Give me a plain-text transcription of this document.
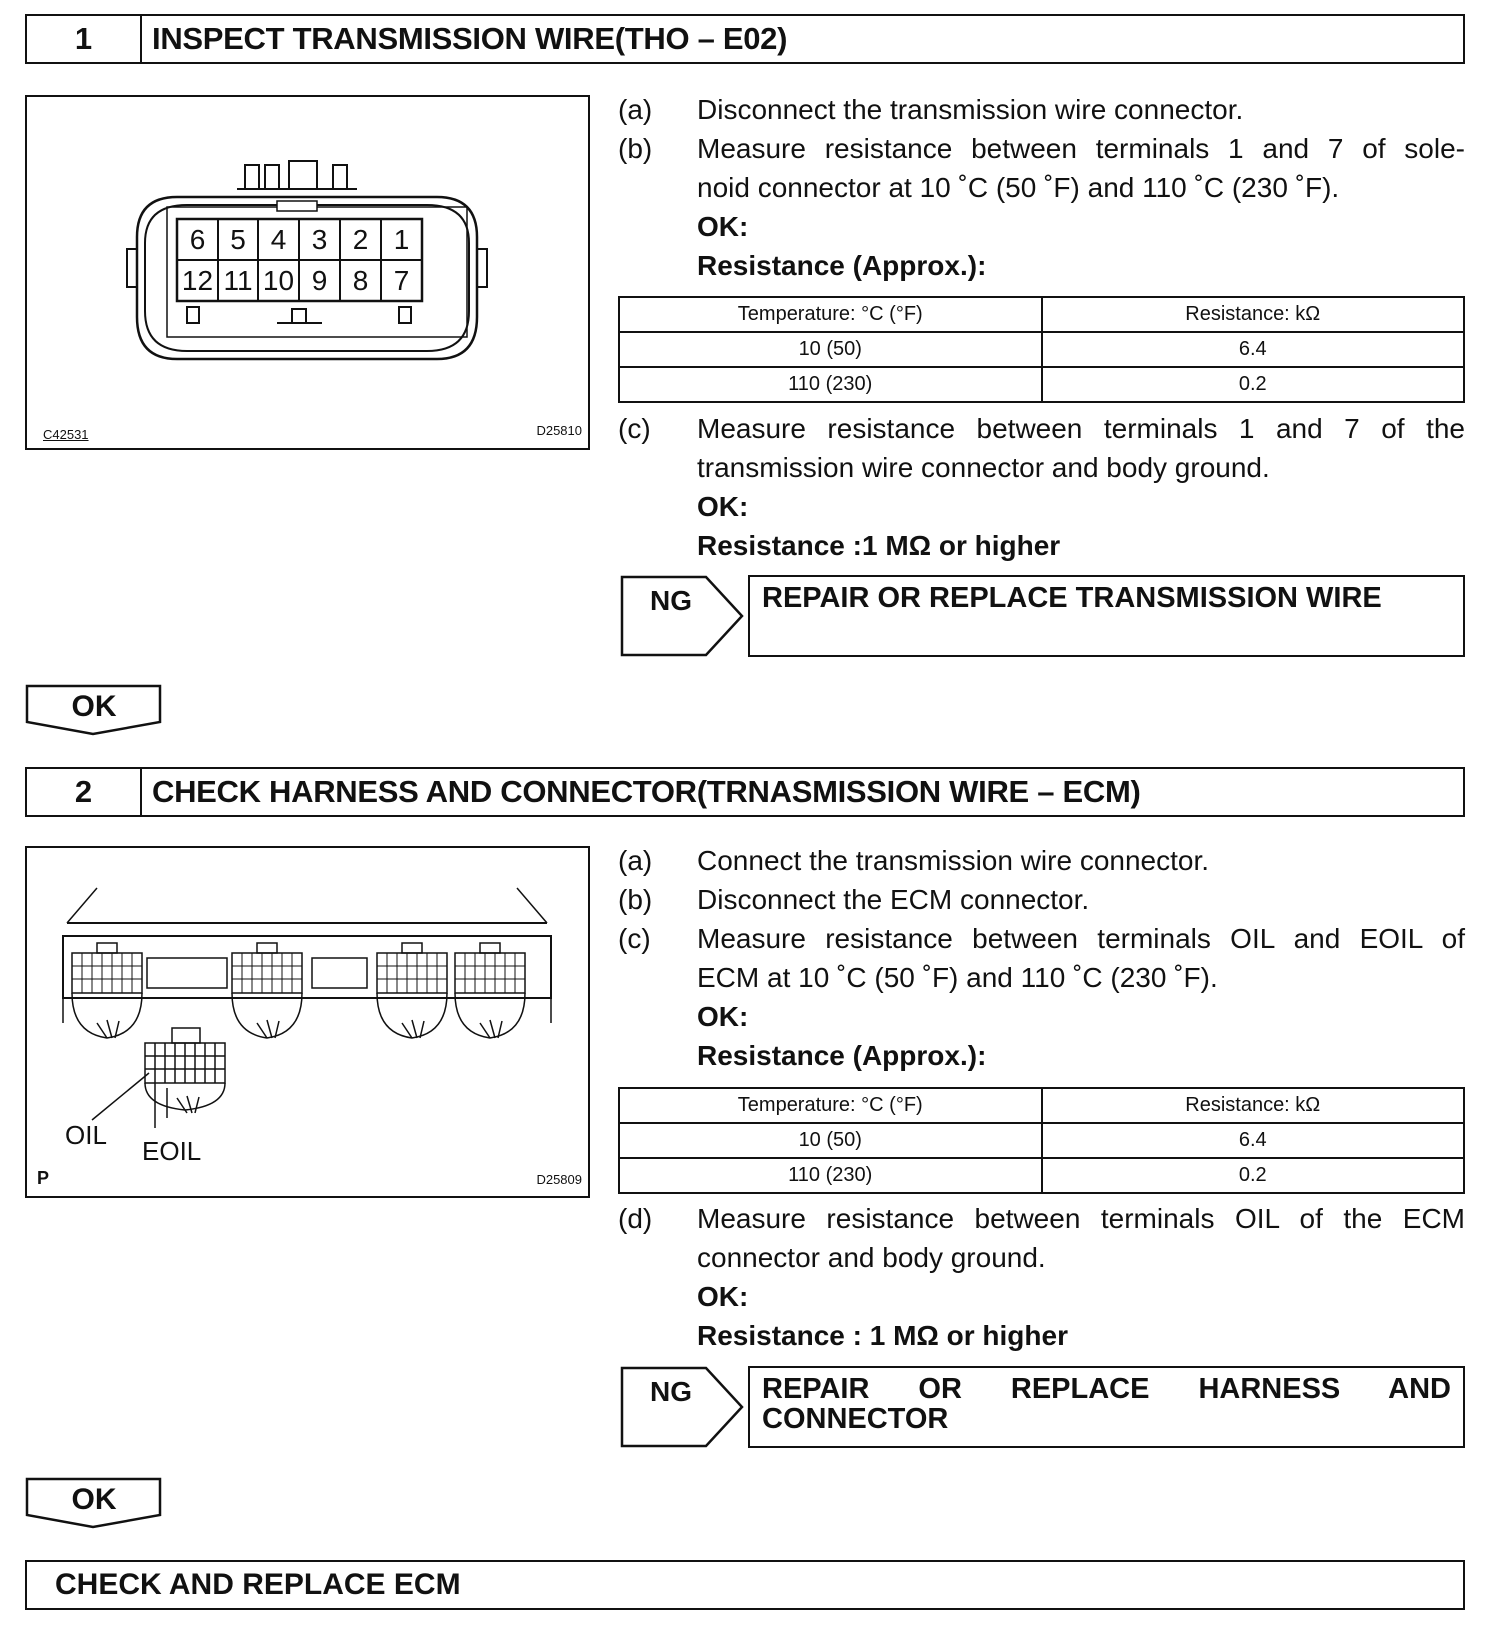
1	INSPECT TRANSMISSION WIRE(THO – E02)
6 5 4 3 2 1
12 11 10 9 8 7
C42531	D25810
(a) Disconnect the transmission wire connector.
(b) Measure resistance between terminals 1 and 7 of sole-
noid connector at 10 ˚C (50 ˚F) and 110 ˚C (230 ˚F).
OK:
Resistance (Approx.):
Temperature: °C (°F)	Resistance: kΩ
10 (50)	6.4
110 (230)	0.2
(c) Measure resistance between terminals 1 and 7 of the
transmission wire connector and body ground.
OK:
Resistance :1 MΩ or higher
NG	REPAIR OR REPLACE TRANSMISSION WIRE
OK
2	CHECK HARNESS AND CONNECTOR(TRNASMISSION WIRE – ECM)
OIL
EOIL
P	D25809
(a) Connect the transmission wire connector.
(b) Disconnect the ECM connector.
(c) Measure resistance between terminals OIL and EOIL of
ECM at 10 ˚C (50 ˚F) and 110 ˚C (230 ˚F).
OK:
Resistance (Approx.):
Temperature: °C (°F)	Resistance: kΩ
10 (50)	6.4
110 (230)	0.2
(d) Measure resistance between terminals OIL of the ECM
connector and body ground.
OK:
Resistance : 1 MΩ or higher
NG REPAIR OR REPLACE HARNESS AND
CONNECTOR
OK
CHECK AND REPLACE ECM
